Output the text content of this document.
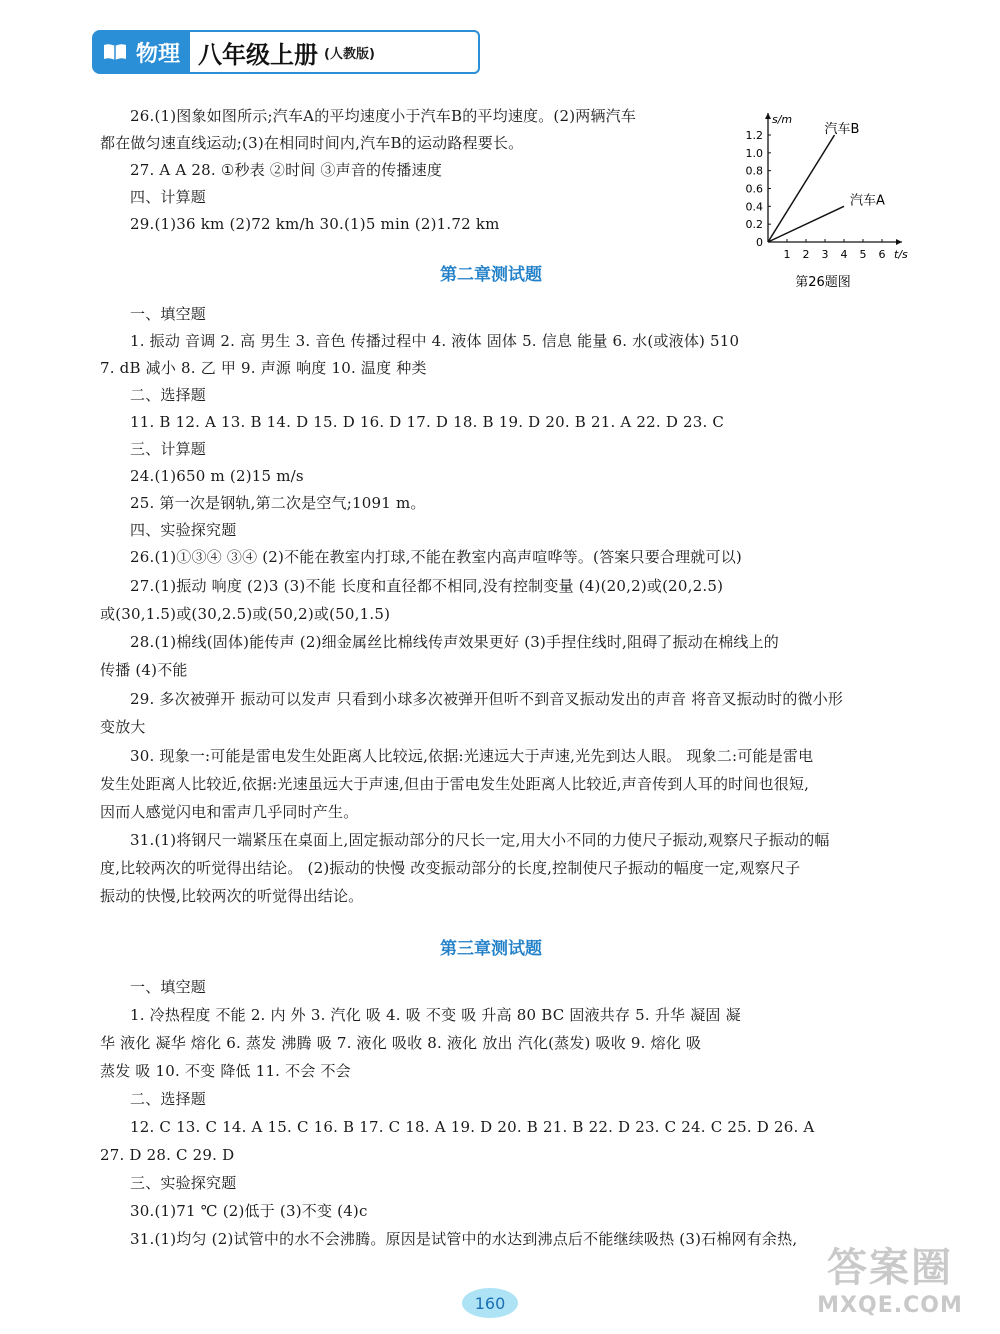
物理 八年级上册 (人教版)
26.(1)图象如图所示;汽车A的平均速度小于汽车B的平均速度。(2)两辆汽车
都在做匀速直线运动;(3)在相同时间内,汽车B的运动路程要长。
27. A A 28. ①秒表 ②时间 ③声音的传播速度
四、计算题
29.(1)36 km (2)72 km/h 30.(1)5 min (2)1.72 km
s/m
t/s
1 2 3 4 5 6
0
0.2
0.4
0.6
0.8
1.0
1.2	汽车B
汽车A
第26题图
第二章测试题
一、填空题
1. 振动 音调 2. 高 男生 3. 音色 传播过程中 4. 液体 固体 5. 信息 能量 6. 水(或液体) 510
7. dB 减小 8. 乙 甲 9. 声源 响度 10. 温度 种类
二、选择题
11. B 12. A 13. B 14. D 15. D 16. D 17. D 18. B 19. D 20. B 21. A 22. D 23. C
三、计算题
24.(1)650 m (2)15 m/s
25. 第一次是钢轨,第二次是空气;1091 m。
四、实验探究题
26.(1)①③④ ③④ (2)不能在教室内打球,不能在教室内高声喧哗等。(答案只要合理就可以)
27.(1)振动 响度 (2)3 (3)不能 长度和直径都不相同,没有控制变量 (4)(20,2)或(20,2.5)
或(30,1.5)或(30,2.5)或(50,2)或(50,1.5)
28.(1)棉线(固体)能传声 (2)细金属丝比棉线传声效果更好 (3)手捏住线时,阻碍了振动在棉线上的
传播 (4)不能
29. 多次被弹开 振动可以发声 只看到小球多次被弹开但听不到音叉振动发出的声音 将音叉振动时的微小形
变放大
30. 现象一:可能是雷电发生处距离人比较远,依据:光速远大于声速,光先到达人眼。 现象二:可能是雷电
发生处距离人比较近,依据:光速虽远大于声速,但由于雷电发生处距离人比较近,声音传到人耳的时间也很短,
因而人感觉闪电和雷声几乎同时产生。
31.(1)将钢尺一端紧压在桌面上,固定振动部分的尺长一定,用大小不同的力使尺子振动,观察尺子振动的幅
度,比较两次的听觉得出结论。 (2)振动的快慢 改变振动部分的长度,控制使尺子振动的幅度一定,观察尺子
振动的快慢,比较两次的听觉得出结论。
第三章测试题
一、填空题
1. 冷热程度 不能 2. 内 外 3. 汽化 吸 4. 吸 不变 吸 升高 80 BC 固液共存 5. 升华 凝固 凝
华 液化 凝华 熔化 6. 蒸发 沸腾 吸 7. 液化 吸收 8. 液化 放出 汽化(蒸发) 吸收 9. 熔化 吸
蒸发 吸 10. 不变 降低 11. 不会 不会
二、选择题
12. C 13. C 14. A 15. C 16. B 17. C 18. A 19. D 20. B 21. B 22. D 23. C 24. C 25. D 26. A
27. D 28. C 29. D
三、实验探究题
30.(1)71 ℃ (2)低于 (3)不变 (4)c
31.(1)均匀 (2)试管中的水不会沸腾。原因是试管中的水达到沸点后不能继续吸热 (3)石棉网有余热,
160
答案圈
MXQE.COM
